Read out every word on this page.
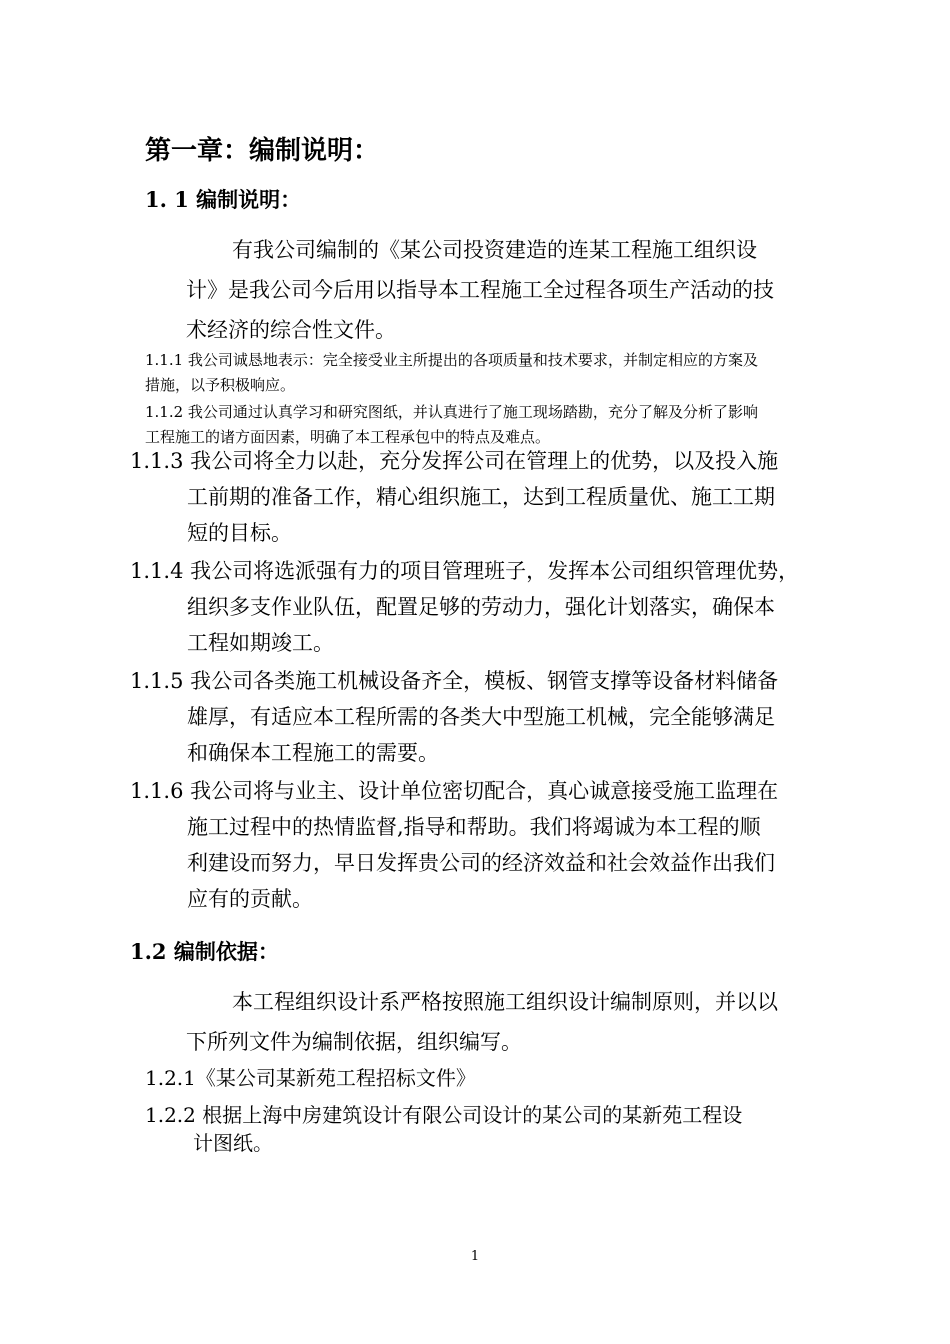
第一章：编制说明：
1. 1 编制说明：
有我公司编制的《某公司投资建造的连某工程施工组织设
计》是我公司今后用以指导本工程施工全过程各项生产活动的技
术经济的综合性文件。
1.1.1 我公司诚恳地表示：完全接受业主所提出的各项质量和技术要求，并制定相应的方案及
措施，以予积极响应。
1.1.2 我公司通过认真学习和研究图纸，并认真进行了施工现场踏勘，充分了解及分析了影响
工程施工的诸方面因素，明确了本工程承包中的特点及难点。
1.1.3 我公司将全力以赴，充分发挥公司在管理上的优势，以及投入施
工前期的准备工作，精心组织施工，达到工程质量优、施工工期
短的目标。
1.1.4 我公司将选派强有力的项目管理班子，发挥本公司组织管理优势，
组织多支作业队伍，配置足够的劳动力，强化计划落实，确保本
工程如期竣工。
1.1.5 我公司各类施工机械设备齐全，模板、钢管支撑等设备材料储备
雄厚，有适应本工程所需的各类大中型施工机械，完全能够满足
和确保本工程施工的需要。
1.1.6 我公司将与业主、设计单位密切配合，真心诚意接受施工监理在
施工过程中的热情监督,指导和帮助。我们将竭诚为本工程的顺
利建设而努力，早日发挥贵公司的经济效益和社会效益作出我们
应有的贡献。
1.2 编制依据：
本工程组织设计系严格按照施工组织设计编制原则，并以以
下所列文件为编制依据，组织编写。
1.2.1《某公司某新苑工程招标文件》
1.2.2 根据上海中房建筑设计有限公司设计的某公司的某新苑工程设
计图纸。
1
